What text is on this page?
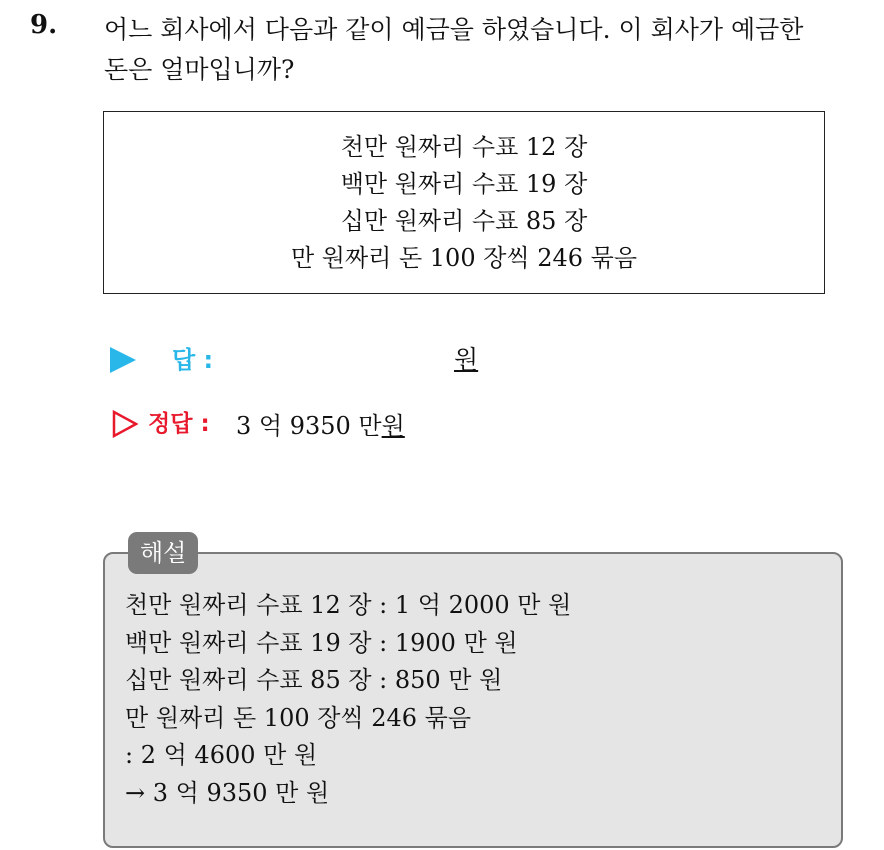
9. 어느 회사에서 다음과 같이 예금을 하였습니다. 이 회사가 예금한
돈은 얼마입니까?
천만 원짜리 수표 12 장
백만 원짜리 수표 19 장
십만 원짜리 수표 85 장
만 원짜리 돈 100 장씩 246 묶음
답 :	원
정답 : 3 억 9350 만원
해설
천만 원짜리 수표 12 장 : 1 억 2000 만 원
백만 원짜리 수표 19 장 : 1900 만 원
십만 원짜리 수표 85 장 : 850 만 원
만 원짜리 돈 100 장씩 246 묶음
: 2 억 4600 만 원
→ 3 억 9350 만 원
